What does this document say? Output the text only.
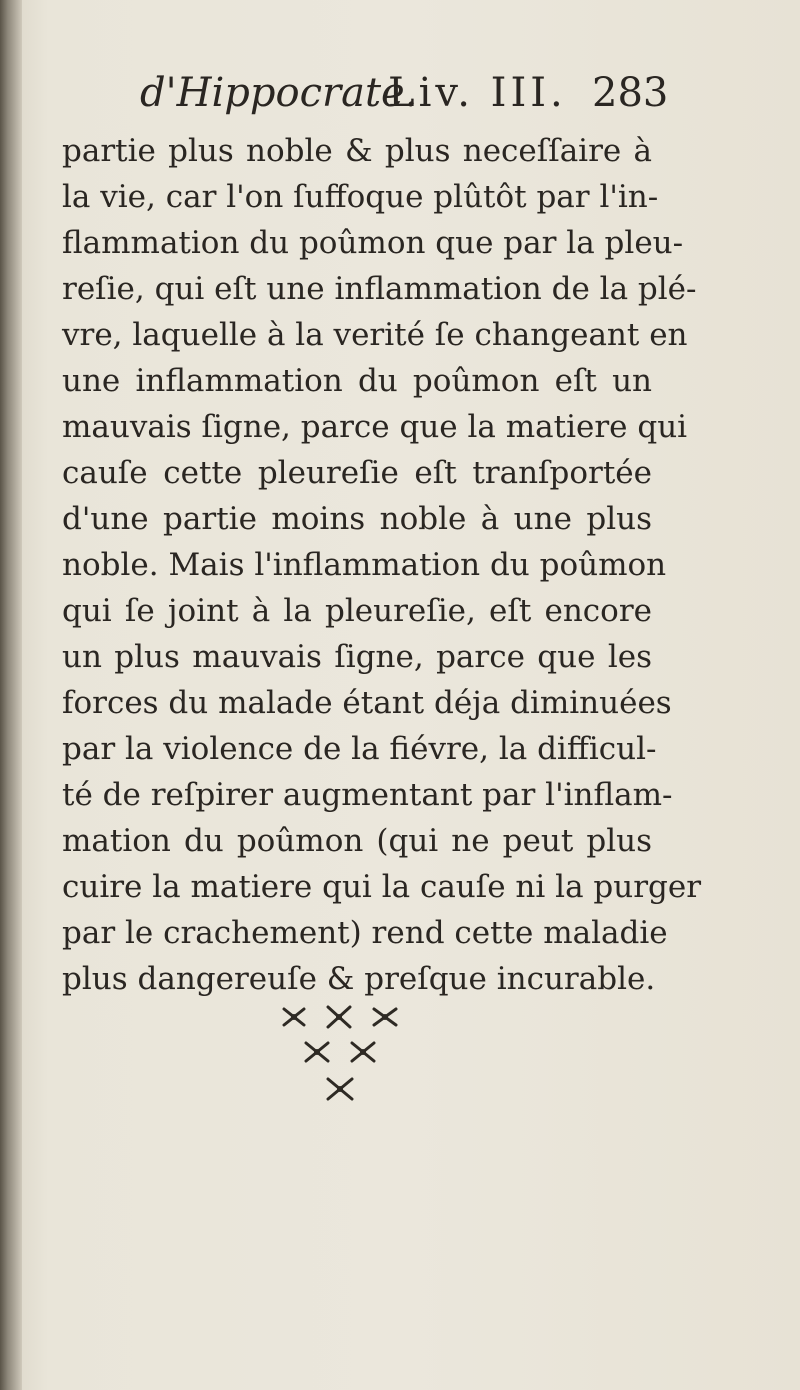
d'Hippocrate.
Liv. III. 283
partie plus noble & plus neceſſaire à
la vie, car l'on ſuffoque plûtôt par l'in-
flammation du poûmon que par la pleu-
reſie, qui eſt une inflammation de la plé-
vre, laquelle à la verité ſe changeant en
une inflammation du poûmon eſt un
mauvais ſigne, parce que la matiere qui
cauſe cette pleureſie eſt tranſportée
d'une partie moins noble à une plus
noble. Mais l'inflammation du poûmon
qui ſe joint à la pleureſie, eſt encore
un plus mauvais ſigne, parce que les
forces du malade étant déja diminuées
par la violence de la fiévre, la difficul-
té de reſpirer augmentant par l'inflam-
mation du poûmon (qui ne peut plus
cuire la matiere qui la cauſe ni la purger
par le crachement) rend cette maladie
plus dangereuſe & preſque incurable.
